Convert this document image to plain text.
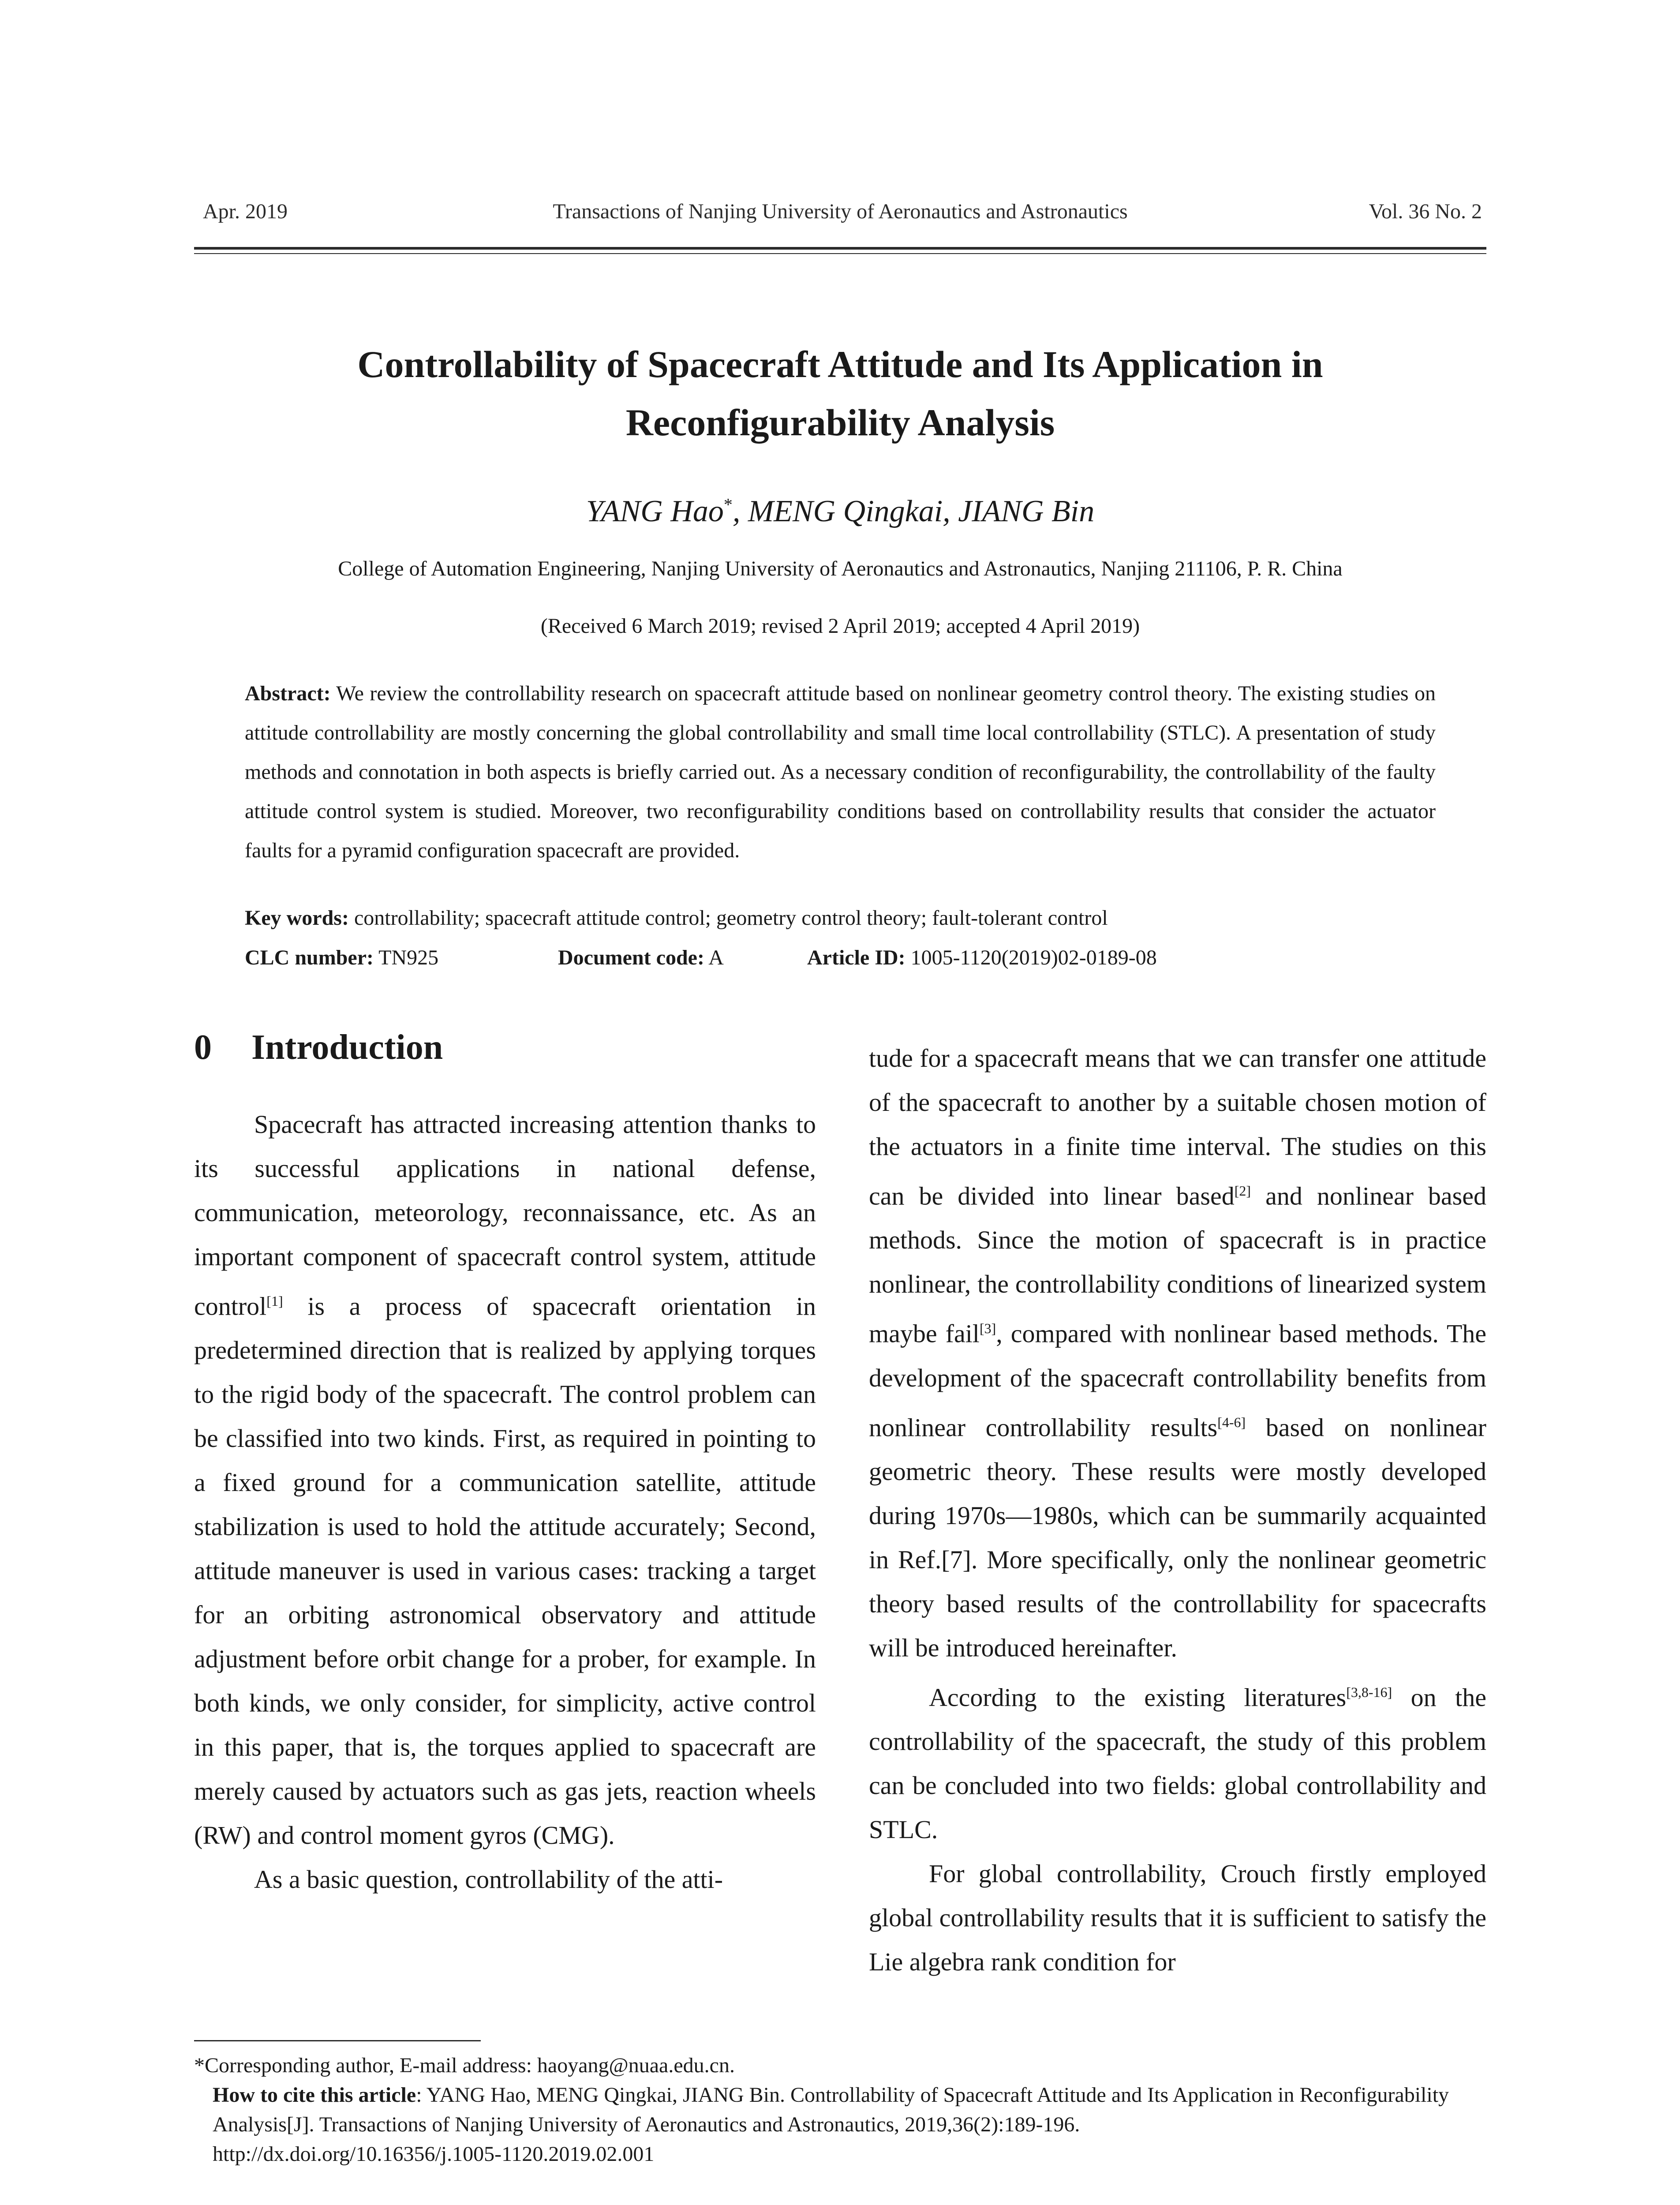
Apr. 2019	Transactions of Nanjing University of Aeronautics and Astronautics	Vol. 36 No. 2
Controllability of Spacecraft Attitude and Its Application in
Reconfigurability Analysis
YANG Hao*, MENG Qingkai, JIANG Bin
College of Automation Engineering, Nanjing University of Aeronautics and Astronautics, Nanjing 211106, P. R. China
(Received 6 March 2019; revised 2 April 2019; accepted 4 April 2019)
Abstract: We review the controllability research on spacecraft attitude based on nonlinear geometry control theory. The existing studies on attitude controllability are mostly concerning the global controllability and small time local controllability (STLC). A presentation of study methods and connotation in both aspects is briefly carried out. As a necessary condition of reconfigurability, the controllability of the faulty attitude control system is studied. Moreover, two reconfigurability conditions based on controllability results that consider the actuator faults for a pyramid configuration spacecraft are provided.
Key words: controllability; spacecraft attitude control; geometry control theory; fault-tolerant control
CLC number: TN925	Document code: A	Article ID: 1005-1120(2019)02-0189-08
0 Introduction

Spacecraft has attracted increasing attention thanks to its successful applications in national defense, communication, meteorology, reconnaissance, etc. As an important component of spacecraft control system, attitude control[1] is a process of spacecraft orientation in predetermined direction that is realized by applying torques to the rigid body of the spacecraft. The control problem can be classified into two kinds. First, as required in pointing to a fixed ground for a communication satellite, attitude stabilization is used to hold the attitude accurately; Second, attitude maneuver is used in various cases: tracking a target for an orbiting astronomical observatory and attitude adjustment before orbit change for a prober, for example. In both kinds, we only consider, for simplicity, active control in this paper, that is, the torques applied to spacecraft are merely caused by actuators such as gas jets, reaction wheels (RW) and control moment gyros (CMG).

As a basic question, controllability of the atti-

tude for a spacecraft means that we can transfer one attitude of the spacecraft to another by a suitable chosen motion of the actuators in a finite time interval. The studies on this can be divided into linear based[2] and nonlinear based methods. Since the motion of spacecraft is in practice nonlinear, the controllability conditions of linearized system maybe fail[3], compared with nonlinear based methods. The development of the spacecraft controllability benefits from nonlinear controllability results[4-6] based on nonlinear geometric theory. These results were mostly developed during 1970s—1980s, which can be summarily acquainted in Ref.[7]. More specifically, only the nonlinear geometric theory based results of the controllability for spacecrafts will be introduced hereinafter.

According to the existing literatures[3,8-16] on the controllability of the spacecraft, the study of this problem can be concluded into two fields: global controllability and STLC.

For global controllability, Crouch firstly employed global controllability results that it is sufficient to satisfy the Lie algebra rank condition for

*Corresponding author, E-mail address: haoyang@nuaa.edu.cn.
How to cite this article: YANG Hao, MENG Qingkai, JIANG Bin. Controllability of Spacecraft Attitude and Its Application in Reconfigurability Analysis[J]. Transactions of Nanjing University of Aeronautics and Astronautics, 2019,36(2):189-196.
http://dx.doi.org/10.16356/j.1005-1120.2019.02.001
